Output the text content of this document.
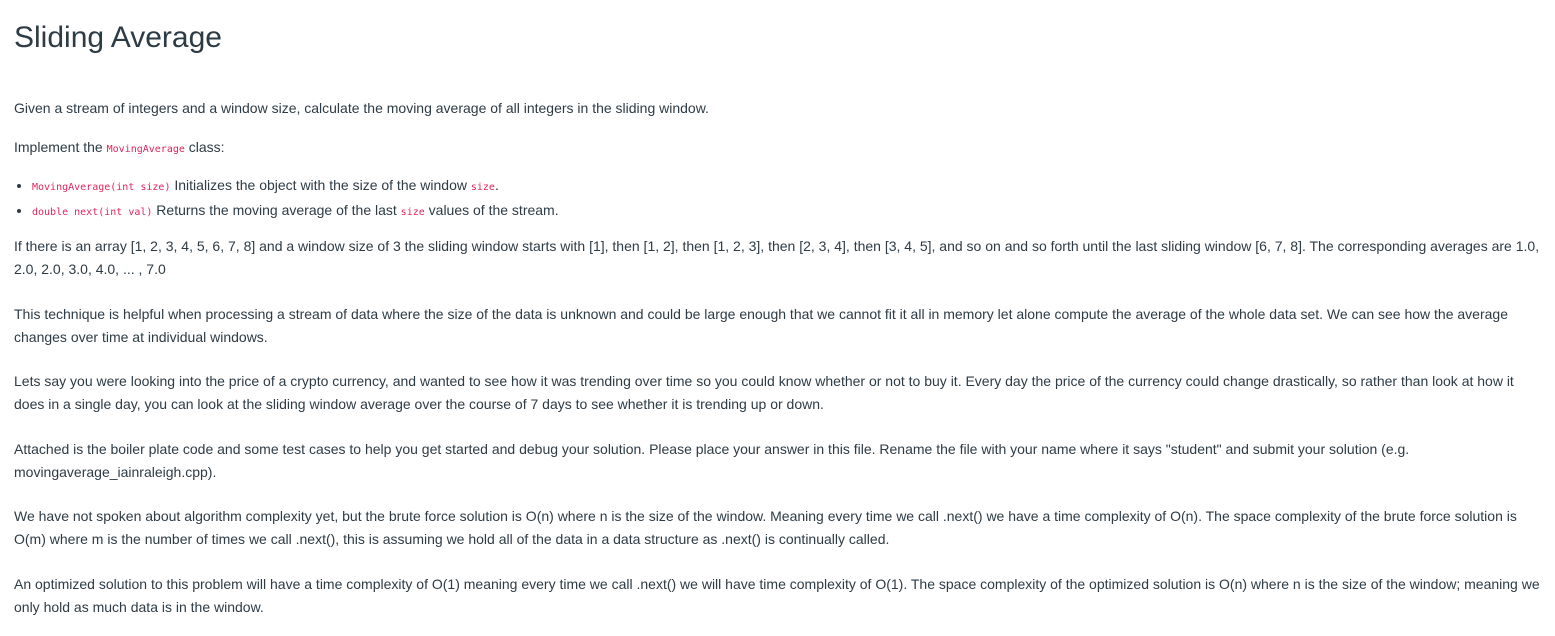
Sliding Average

Given a stream of integers and a window size, calculate the moving average of all integers in the sliding window.

Implement the MovingAverage class:

• MovingAverage(int size) Initializes the object with the size of the window size.
• double next(int val) Returns the moving average of the last size values of the stream.

If there is an array [1, 2, 3, 4, 5, 6, 7, 8] and a window size of 3 the sliding window starts with [1], then [1, 2], then [1, 2, 3], then [2, 3, 4], then [3, 4, 5], and so on and so forth until the last sliding window [6, 7, 8]. The corresponding averages are 1.0, 2.0, 2.0, 3.0, 4.0, ... , 7.0

This technique is helpful when processing a stream of data where the size of the data is unknown and could be large enough that we cannot fit it all in memory let alone compute the average of the whole data set. We can see how the average changes over time at individual windows.

Lets say you were looking into the price of a crypto currency, and wanted to see how it was trending over time so you could know whether or not to buy it. Every day the price of the currency could change drastically, so rather than look at how it does in a single day, you can look at the sliding window average over the course of 7 days to see whether it is trending up or down.

Attached is the boiler plate code and some test cases to help you get started and debug your solution. Please place your answer in this file. Rename the file with your name where it says "student" and submit your solution (e.g. movingaverage_iainraleigh.cpp).

We have not spoken about algorithm complexity yet, but the brute force solution is O(n) where n is the size of the window. Meaning every time we call .next() we have a time complexity of O(n). The space complexity of the brute force solution is O(m) where m is the number of times we call .next(), this is assuming we hold all of the data in a data structure as .next() is continually called.

An optimized solution to this problem will have a time complexity of O(1) meaning every time we call .next() we will have time complexity of O(1). The space complexity of the optimized solution is O(n) where n is the size of the window; meaning we only hold as much data is in the window.
